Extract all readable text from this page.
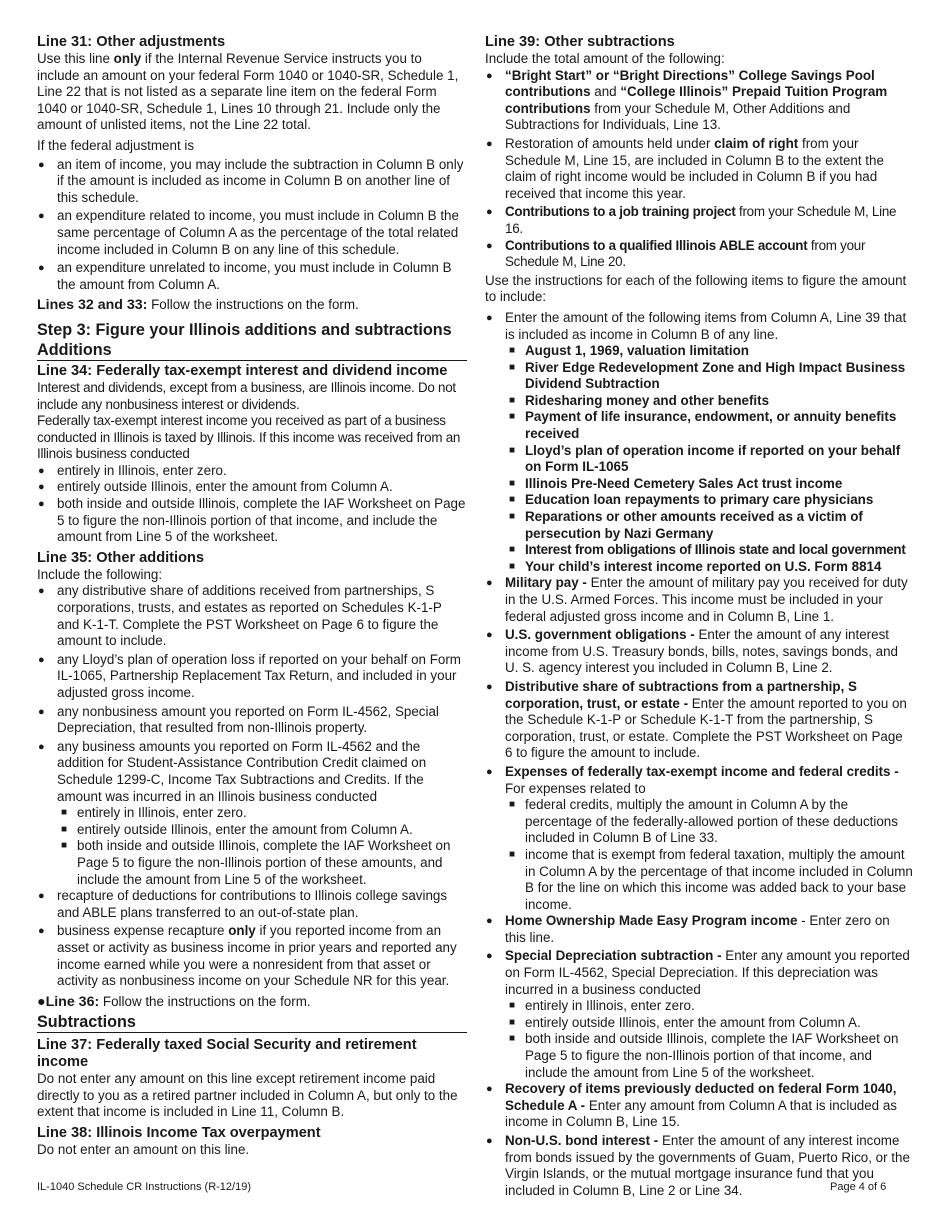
Line 31: Other adjustments

Use this line only if the Internal Revenue Service instructs you to include an amount on your federal Form 1040 or 1040-SR, Schedule 1, Line 22 that is not listed as a separate line item on the federal Form 1040 or 1040-SR, Schedule 1, Lines 10 through 21. Include only the amount of unlisted items, not the Line 22 total.

If the federal adjustment is

● an item of income, you may include the subtraction in Column B only if the amount is included as income in Column B on another line of this schedule.
● an expenditure related to income, you must include in Column B the same percentage of Column A as the percentage of the total related income included in Column B on any line of this schedule.
● an expenditure unrelated to income, you must include in Column B the amount from Column A.

Lines 32 and 33: Follow the instructions on the form.

Step 3: Figure your Illinois additions and subtractions
Additions
Line 34: Federally tax-exempt interest and dividend income

Interest and dividends, except from a business, are Illinois income. Do not include any nonbusiness interest or dividends.

Federally tax-exempt interest income you received as part of a business conducted in Illinois is taxed by Illinois. If this income was received from an Illinois business conducted

● entirely in Illinois, enter zero.
● entirely outside Illinois, enter the amount from Column A.
● both inside and outside Illinois, complete the IAF Worksheet on Page 5 to figure the non-Illinois portion of that income, and include the amount from Line 5 of the worksheet.
Line 35: Other additions

Include the following:

● any distributive share of additions received from partnerships, S corporations, trusts, and estates as reported on Schedules K-1-P and K-1-T. Complete the PST Worksheet on Page 6 to figure the amount to include.
● any Lloyd’s plan of operation loss if reported on your behalf on Form IL-1065, Partnership Replacement Tax Return, and included in your adjusted gross income.
● any nonbusiness amount you reported on Form IL-4562, Special Depreciation, that resulted from non-Illinois property.
● any business amounts you reported on Form IL-4562 and the addition for Student-Assistance Contribution Credit claimed on Schedule 1299-C, Income Tax Subtractions and Credits. If the amount was incurred in an Illinois business conducted
■ entirely in Illinois, enter zero.
■ entirely outside Illinois, enter the amount from Column A.
■ both inside and outside Illinois, complete the IAF Worksheet on Page 5 to figure the non-Illinois portion of these amounts, and include the amount from Line 5 of the worksheet.
● recapture of deductions for contributions to Illinois college savings and ABLE plans transferred to an out-of-state plan.
● business expense recapture only if you reported income from an asset or activity as business income in prior years and reported any income earned while you were a nonresident from that asset or activity as nonbusiness income on your Schedule NR for this year.

●Line 36: Follow the instructions on the form.

Subtractions
Line 37: Federally taxed Social Security and retirement income

Do not enter any amount on this line except retirement income paid directly to you as a retired partner included in Column A, but only to the extent that income is included in Line 11, Column B.

Line 38: Illinois Income Tax overpayment

Do not enter an amount on this line.

Line 39: Other subtractions

Include the total amount of the following:

● “Bright Start” or “Bright Directions” College Savings Pool contributions and “College Illinois” Prepaid Tuition Program contributions from your Schedule M, Other Additions and Subtractions for Individuals, Line 13.
● Restoration of amounts held under claim of right from your Schedule M, Line 15, are included in Column B to the extent the claim of right income would be included in Column B if you had received that income this year.
● Contributions to a job training project from your Schedule M, Line 16.
● Contributions to a qualified Illinois ABLE account from your Schedule M, Line 20.

Use the instructions for each of the following items to figure the amount to include:

● Enter the amount of the following items from Column A, Line 39 that is included as income in Column B of any line.
■ August 1, 1969, valuation limitation
■ River Edge Redevelopment Zone and High Impact Business Dividend Subtraction
■ Ridesharing money and other benefits
■ Payment of life insurance, endowment, or annuity benefits received
■ Lloyd’s plan of operation income if reported on your behalf on Form IL-1065
■ Illinois Pre-Need Cemetery Sales Act trust income
■ Education loan repayments to primary care physicians
■ Reparations or other amounts received as a victim of persecution by Nazi Germany
■ Interest from obligations of Illinois state and local government
■ Your child’s interest income reported on U.S. Form 8814
● Military pay - Enter the amount of military pay you received for duty in the U.S. Armed Forces. This income must be included in your federal adjusted gross income and in Column B, Line 1.
● U.S. government obligations - Enter the amount of any interest income from U.S. Treasury bonds, bills, notes, savings bonds, and U. S. agency interest you included in Column B, Line 2.
● Distributive share of subtractions from a partnership, S corporation, trust, or estate - Enter the amount reported to you on the Schedule K-1-P or Schedule K-1-T from the partnership, S corporation, trust, or estate. Complete the PST Worksheet on Page 6 to figure the amount to include.
● Expenses of federally tax-exempt income and federal credits - For expenses related to
■ federal credits, multiply the amount in Column A by the percentage of the federally-allowed portion of these deductions included in Column B of Line 33.
■ income that is exempt from federal taxation, multiply the amount in Column A by the percentage of that income included in Column B for the line on which this income was added back to your base income.
● Home Ownership Made Easy Program income - Enter zero on this line.
● Special Depreciation subtraction - Enter any amount you reported on Form IL-4562, Special Depreciation. If this depreciation was incurred in a business conducted
■ entirely in Illinois, enter zero.
■ entirely outside Illinois, enter the amount from Column A.
■ both inside and outside Illinois, complete the IAF Worksheet on Page 5 to figure the non-Illinois portion of that income, and include the amount from Line 5 of the worksheet.
● Recovery of items previously deducted on federal Form 1040, Schedule A - Enter any amount from Column A that is included as income in Column B, Line 15.
● Non-U.S. bond interest - Enter the amount of any interest income from bonds issued by the governments of Guam, Puerto Rico, or the Virgin Islands, or the mutual mortgage insurance fund that you included in Column B, Line 2 or Line 34.
IL-1040 Schedule CR Instructions (R-12/19)	Page 4 of 6
